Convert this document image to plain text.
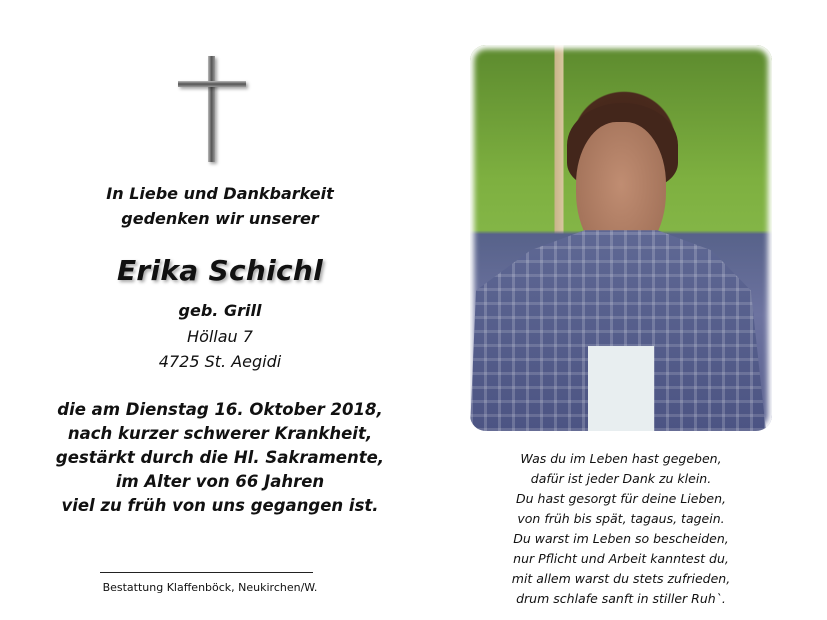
In Liebe und Dankbarkeit
gedenken wir unserer
Erika Schichl
geb. Grill
Höllau 7
4725 St. Aegidi
die am Dienstag 16. Oktober 2018,
nach kurzer schwerer Krankheit,
gestärkt durch die Hl. Sakramente,
im Alter von 66 Jahren
viel zu früh von uns gegangen ist.
Bestattung Klaffenböck, Neukirchen/W.
Was du im Leben hast gegeben,
dafür ist jeder Dank zu klein.
Du hast gesorgt für deine Lieben,
von früh bis spät, tagaus, tagein.
Du warst im Leben so bescheiden,
nur Pflicht und Arbeit kanntest du,
mit allem warst du stets zufrieden,
drum schlafe sanft in stiller Ruh`.
